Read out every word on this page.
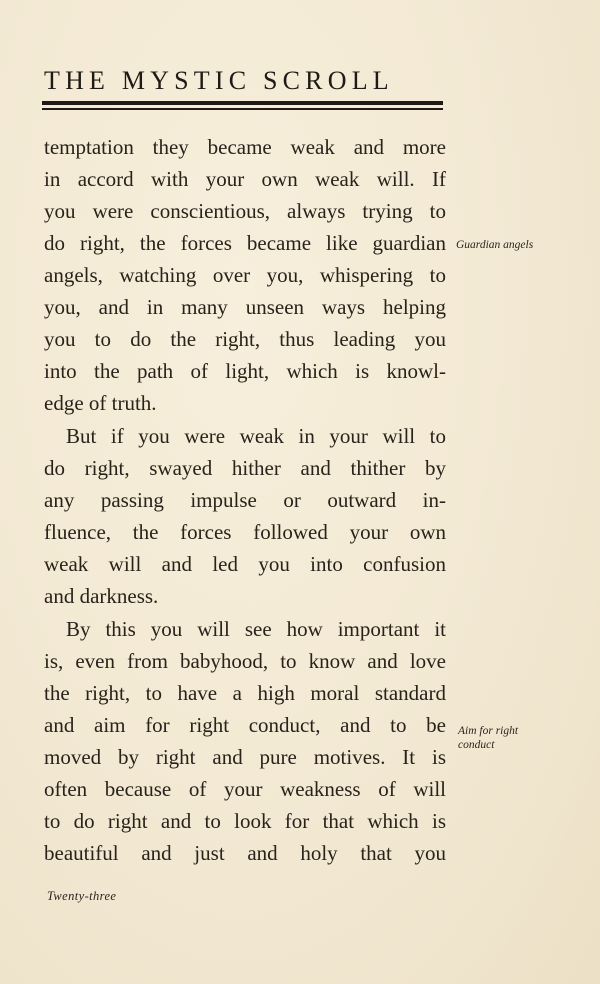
THE MYSTIC SCROLL
temptation they became weak and more
in accord with your own weak will. If
you were conscientious, always trying to
do right, the forces became like guardian
angels, watching over you, whispering to
you, and in many unseen ways helping
you to do the right, thus leading you
into the path of light, which is knowl-
edge of truth.
But if you were weak in your will to
do right, swayed hither and thither by
any passing impulse or outward in-
fluence, the forces followed your own
weak will and led you into confusion
and darkness.
By this you will see how important it
is, even from babyhood, to know and love
the right, to have a high moral standard
and aim for right conduct, and to be
moved by right and pure motives. It is
often because of your weakness of will
to do right and to look for that which is
beautiful and just and holy that you
Guardian angels
Aim for right
conduct
Twenty-three
